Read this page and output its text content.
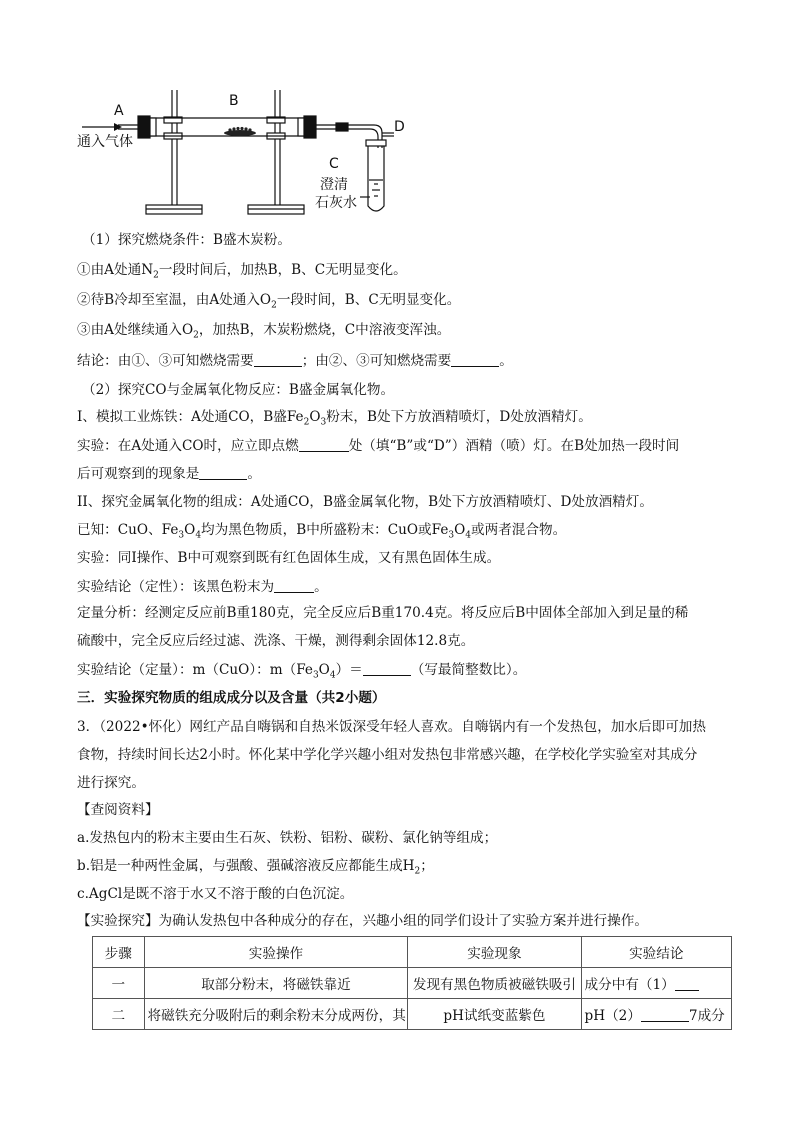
A
B
D
C
通入气体
澄清
石灰水
（1）探究燃烧条件：B盛木炭粉。
①由A处通$N_2$一段时间后，加热B，B、C无明显变化。
②待B冷却至室温，由A处通入$O_2$一段时间，B、C无明显变化。
③由A处继续通入$O_2$，加热B，木炭粉燃烧，C中溶液变浑浊。
结论：由①、③可知燃烧需要	；由②、③可知燃烧需要	。
（2）探究CO与金属氧化物反应：B盛金属氧化物。
I、模拟工业炼铁：A处通CO，B盛$Fe_2O_3$粉末，B处下方放酒精喷灯，D处放酒精灯。
实验：在A处通入CO时，应立即点燃	处（填“B”或“D”）酒精（喷）灯。在B处加热一段时间
后可观察到的现象是	。
II、探究金属氧化物的组成：A处通CO，B盛金属氧化物，B处下方放酒精喷灯、D处放酒精灯。
已知：CuO、$Fe_3O_4$均为黑色物质，B中所盛粉末：CuO或$Fe_3O_4$或两者混合物。
实验：同I操作、B中可观察到既有红色固体生成，又有黑色固体生成。
实验结论（定性）：该黑色粉末为	。
定量分析：经测定反应前B重180克，完全反应后B重170.4克。将反应后B中固体全部加入到足量的稀
硫酸中，完全反应后经过滤、洗涤、干燥，测得剩余固体12.8克。
实验结论（定量）：m（CuO）：$m(Fe_3O_4)=$	（写最简整数比）。
三．实验探究物质的组成成分以及含量（共2小题）
3．（2022•怀化）网红产品自嗨锅和自热米饭深受年轻人喜欢。自嗨锅内有一个发热包，加水后即可加热
食物，持续时间长达2小时。怀化某中学化学兴趣小组对发热包非常感兴趣，在学校化学实验室对其成分
进行探究。
【查阅资料】
a.发热包内的粉末主要由生石灰、铁粉、铝粉、碳粉、氯化钠等组成；
b.铝是一种两性金属，与强酸、强碱溶液反应都能生成$H_2$；
c.AgCl是既不溶于水又不溶于酸的白色沉淀。
【实验探究】为确认发热包中各种成分的存在，兴趣小组的同学们设计了实验方案并进行操作。
步骤	实验操作	实验现象	实验结论
一	取部分粉末，将磁铁靠近	发现有黑色物质被磁铁吸引	成分中有（1）
二	将磁铁充分吸附后的剩余粉末分成两份，其	pH试纸变蓝紫色	pH（2） 7成分
